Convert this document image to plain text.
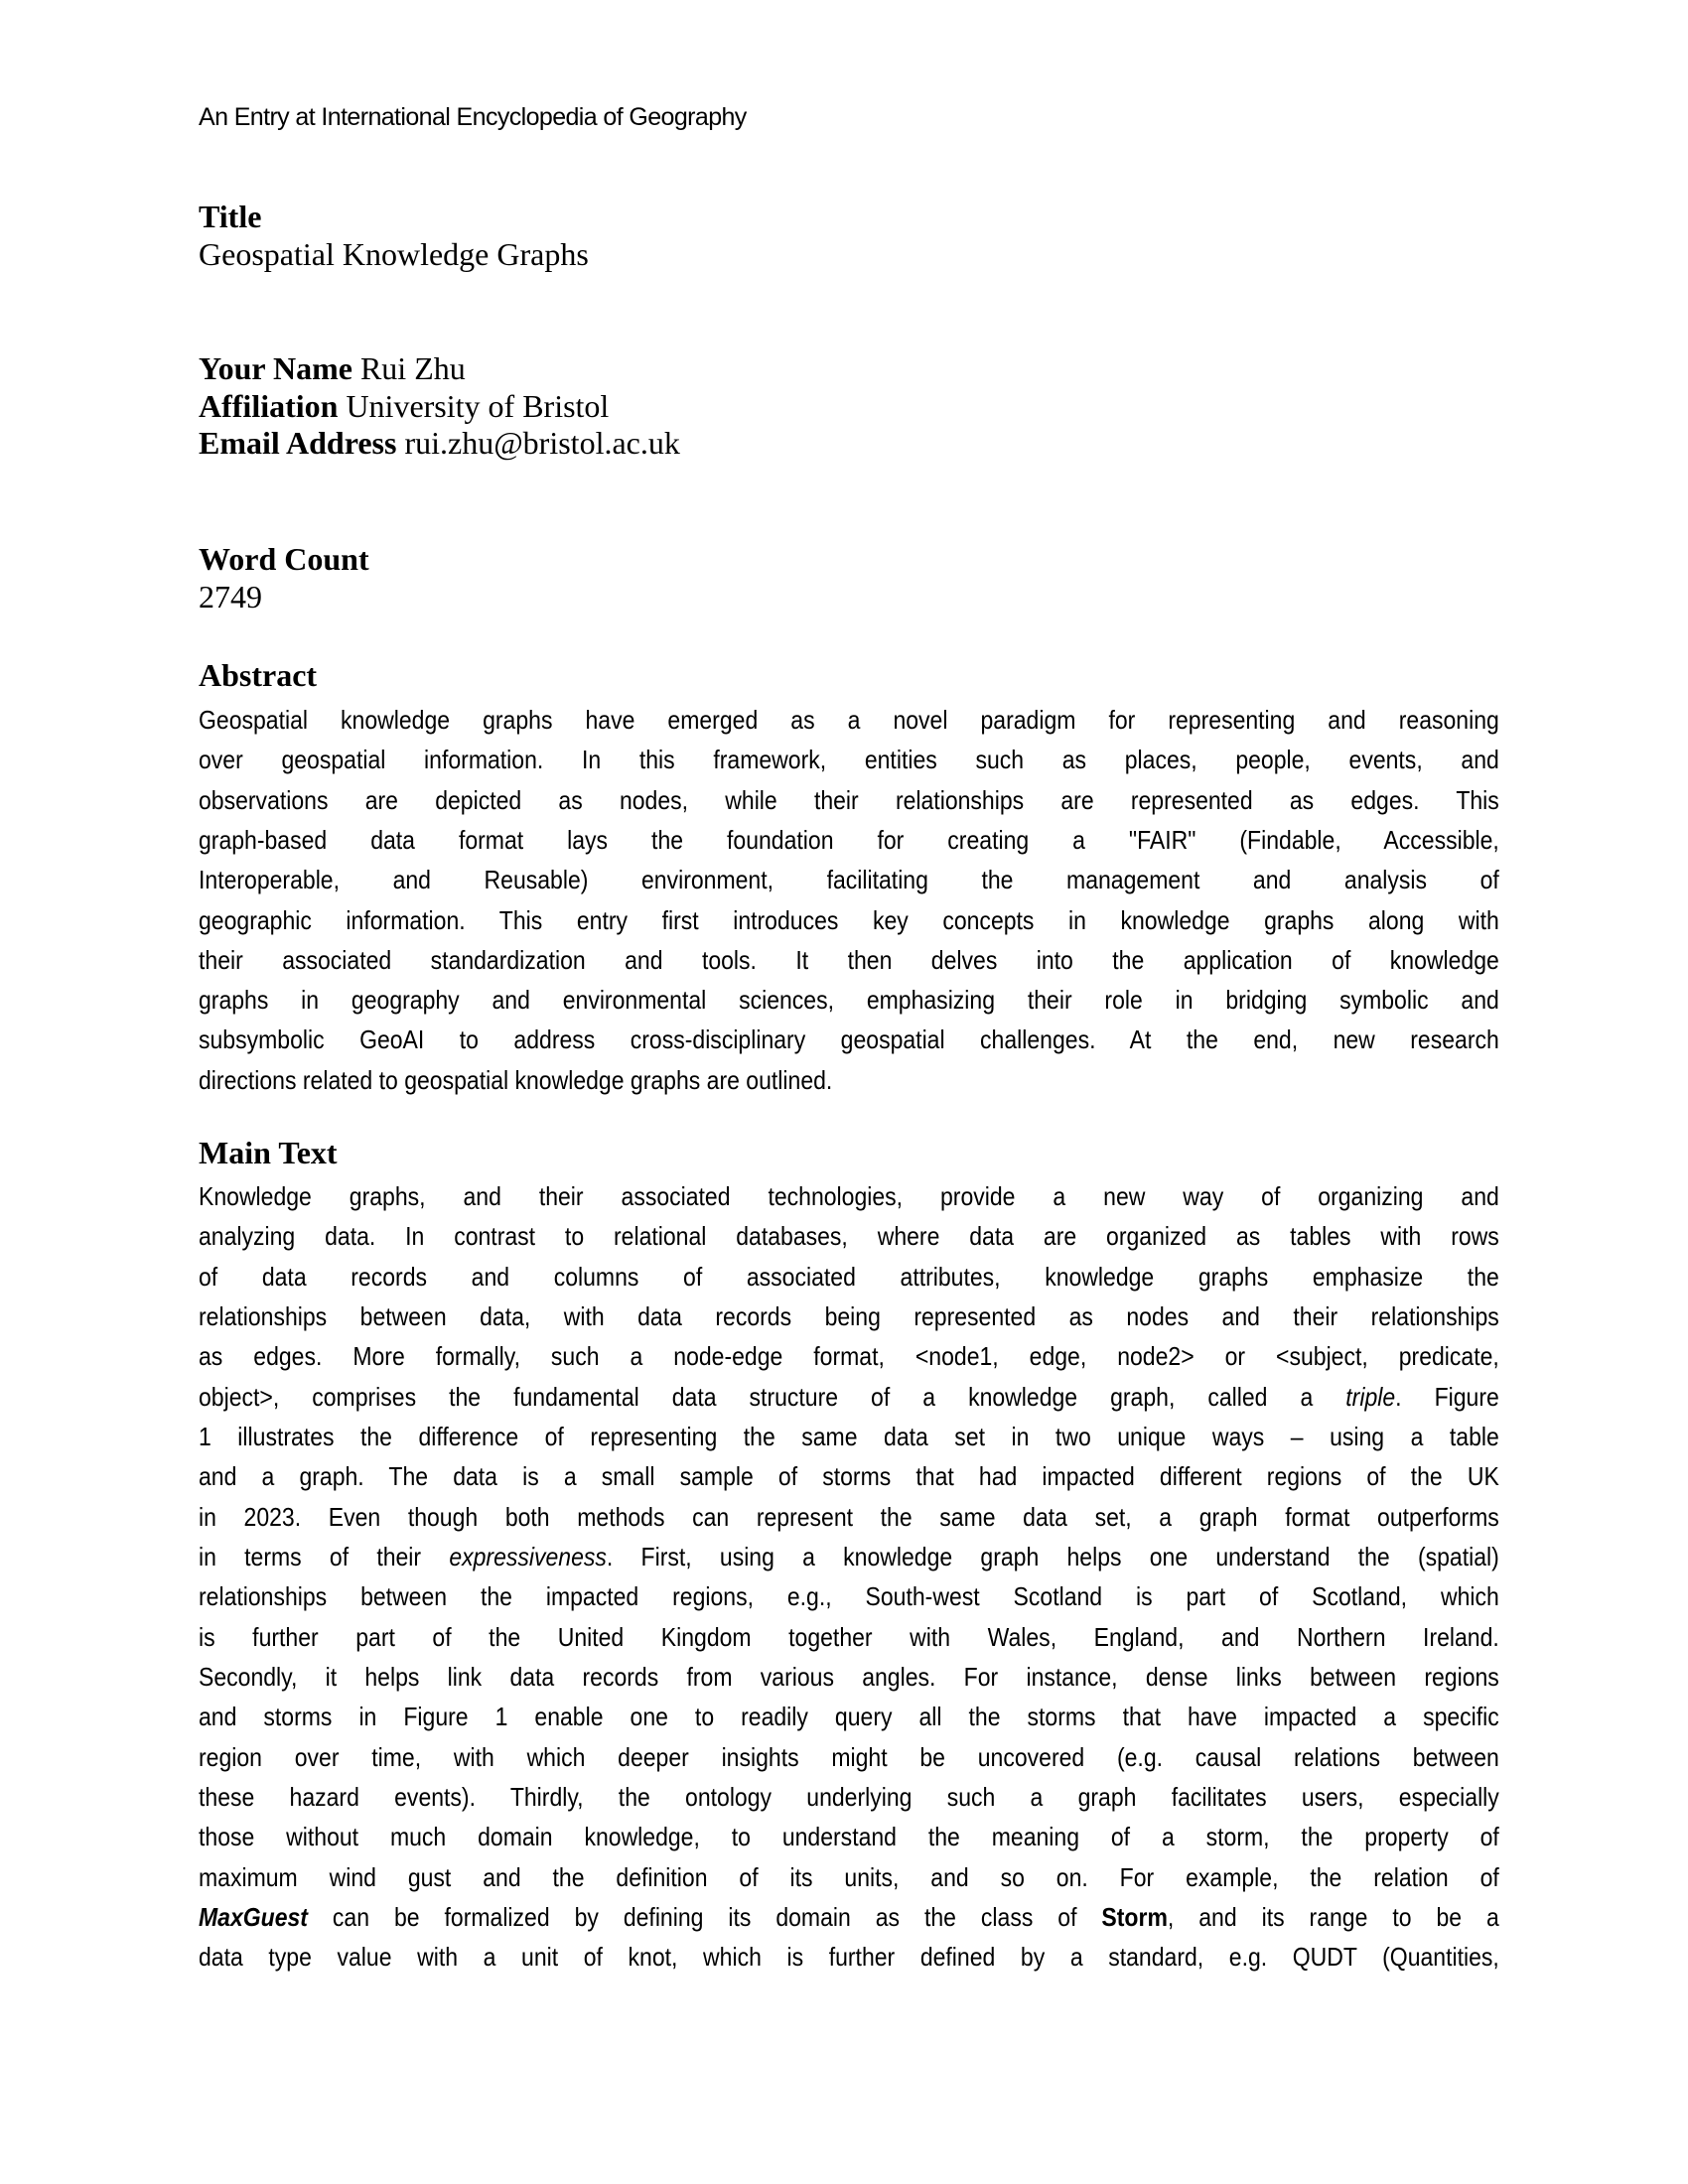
An Entry at International Encyclopedia of Geography
Title
Geospatial Knowledge Graphs
Your Name Rui Zhu
Affiliation University of Bristol
Email Address rui.zhu@bristol.ac.uk
Word Count
2749
Abstract
Geospatial knowledge graphs have emerged as a novel paradigm for representing and reasoning
over geospatial information. In this framework, entities such as places, people, events, and
observations are depicted as nodes, while their relationships are represented as edges. This
graph-based data format lays the foundation for creating a "FAIR" (Findable, Accessible,
Interoperable, and Reusable) environment, facilitating the management and analysis of
geographic information. This entry first introduces key concepts in knowledge graphs along with
their associated standardization and tools. It then delves into the application of knowledge
graphs in geography and environmental sciences, emphasizing their role in bridging symbolic and
subsymbolic GeoAI to address cross-disciplinary geospatial challenges. At the end, new research
directions related to geospatial knowledge graphs are outlined.
Main Text
Knowledge graphs, and their associated technologies, provide a new way of organizing and
analyzing data. In contrast to relational databases, where data are organized as tables with rows
of data records and columns of associated attributes, knowledge graphs emphasize the
relationships between data, with data records being represented as nodes and their relationships
as edges. More formally, such a node-edge format, <node1, edge, node2> or <subject, predicate,
object>, comprises the fundamental data structure of a knowledge graph, called a triple. Figure
1 illustrates the difference of representing the same data set in two unique ways – using a table
and a graph. The data is a small sample of storms that had impacted different regions of the UK
in 2023. Even though both methods can represent the same data set, a graph format outperforms
in terms of their expressiveness. First, using a knowledge graph helps one understand the (spatial)
relationships between the impacted regions, e.g., South-west Scotland is part of Scotland, which
is further part of the United Kingdom together with Wales, England, and Northern Ireland.
Secondly, it helps link data records from various angles. For instance, dense links between regions
and storms in Figure 1 enable one to readily query all the storms that have impacted a specific
region over time, with which deeper insights might be uncovered (e.g. causal relations between
these hazard events). Thirdly, the ontology underlying such a graph facilitates users, especially
those without much domain knowledge, to understand the meaning of a storm, the property of
maximum wind gust and the definition of its units, and so on. For example, the relation of
MaxGuest can be formalized by defining its domain as the class of Storm, and its range to be a
data type value with a unit of knot, which is further defined by a standard, e.g. QUDT (Quantities,
